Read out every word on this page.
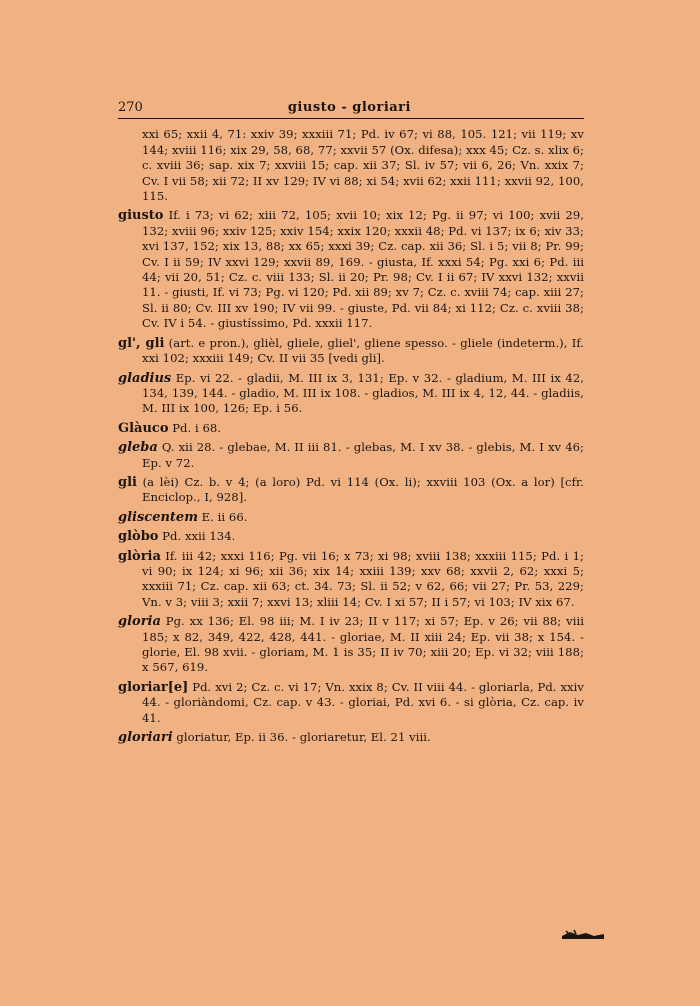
270	giusto - gloriari

xxi 65; xxii 4, 71: xxiv 39; xxxiii 71; Pd. iv 67; vi 88, 105. 121; vii 119; xv 144; xviii 116; xix 29, 58, 68, 77; xxvii 57 (Ox. difesa); xxx 45; Cz. s. xlix 6; c. xviii 36; sap. xix 7; xxviii 15; cap. xii 37; Sl. iv 57; vii 6, 26; Vn. xxix 7; Cv. I vii 58; xii 72; II xv 129; IV vi 88; xi 54; xvii 62; xxii 111; xxvii 92, 100, 115.

giusto If. i 73; vi 62; xiii 72, 105; xvii 10; xix 12; Pg. ii 97; vi 100; xvii 29, 132; xviii 96; xxiv 125; xxiv 154; xxix 120; xxxii 48; Pd. vi 137; ix 6; xiv 33; xvi 137, 152; xix 13, 88; xx 65; xxxi 39; Cz. cap. xii 36; Sl. i 5; vii 8; Pr. 99; Cv. I ii 59; IV xxvi 129; xxvii 89, 169. - giusta, If. xxxi 54; Pg. xxi 6; Pd. iii 44; vii 20, 51; Cz. c. viii 133; Sl. ii 20; Pr. 98; Cv. I ii 67; IV xxvi 132; xxvii 11. - giusti, If. vi 73; Pg. vi 120; Pd. xii 89; xv 7; Cz. c. xviii 74; cap. xiii 27; Sl. ii 80; Cv. III xv 190; IV vii 99. - giuste, Pd. vii 84; xi 112; Cz. c. xviii 38; Cv. IV i 54. - giustíssimo, Pd. xxxii 117.

gl', gli (art. e pron.), glièl, gliele, gliel', gliene spesso. - gliele (indeterm.), If. xxi 102; xxxiii 149; Cv. II vii 35 [vedi gli].

gladius Ep. vi 22. - gladii, M. III ix 3, 131; Ep. v 32. - gladium, M. III ix 42, 134, 139, 144. - gladio, M. III ix 108. - gladios, M. III ix 4, 12, 44. - gladiis, M. III ix 100, 126; Ep. i 56.

Glàuco Pd. i 68.

gleba Q. xii 28. - glebae, M. II iii 81. - glebas, M. I xv 38. - glebis, M. I xv 46; Ep. v 72.

gli (a lèi) Cz. b. v 4; (a loro) Pd. vi 114 (Ox. li); xxviii 103 (Ox. a lor) [cfr. Enciclop., I, 928].

gliscentem E. ii 66.

glòbo Pd. xxii 134.

glòria If. iii 42; xxxi 116; Pg. vii 16; x 73; xi 98; xviii 138; xxxiii 115; Pd. i 1; vi 90; ix 124; xi 96; xii 36; xix 14; xxiii 139; xxv 68; xxvii 2, 62; xxxi 5; xxxiii 71; Cz. cap. xii 63; ct. 34. 73; Sl. ii 52; v 62, 66; vii 27; Pr. 53, 229; Vn. v 3; viii 3; xxii 7; xxvi 13; xliii 14; Cv. I xi 57; II i 57; vi 103; IV xix 67.

gloria Pg. xx 136; El. 98 iii; M. I iv 23; II v 117; xi 57; Ep. v 26; vii 88; viii 185; x 82, 349, 422, 428, 441. - gloriae, M. II xiii 24; Ep. vii 38; x 154. - glorie, El. 98 xvii. - gloriam, M. 1 is 35; II iv 70; xiii 20; Ep. vi 32; viii 188; x 567, 619.

gloriar[e] Pd. xvi 2; Cz. c. vi 17; Vn. xxix 8; Cv. II viii 44. - gloriarla, Pd. xxiv 44. - gloriàndomi, Cz. cap. v 43. - gloriai, Pd. xvi 6. - si glòria, Cz. cap. iv 41.

gloriari gloriatur, Ep. ii 36. - gloriaretur, El. 21 viii.
